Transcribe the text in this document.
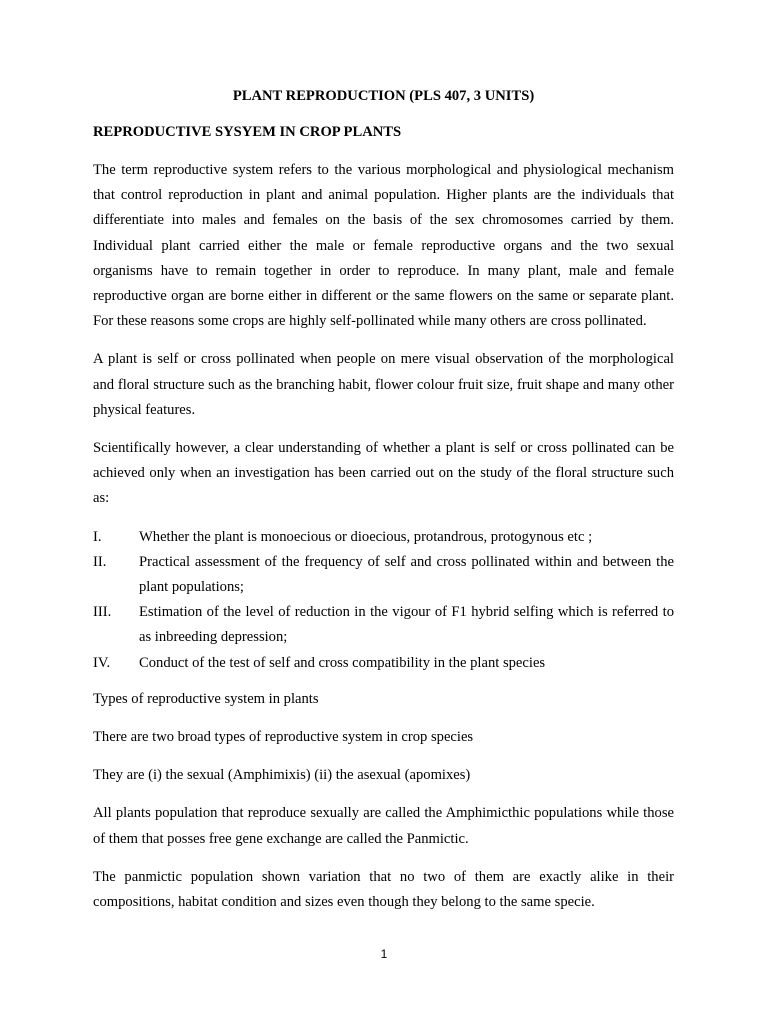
PLANT REPRODUCTION (PLS 407, 3 UNITS)
REPRODUCTIVE SYSYEM IN CROP PLANTS

The term reproductive system refers to the various morphological and physiological mechanism that control reproduction in plant and animal population. Higher plants are the individuals that differentiate into males and females on the basis of the sex chromosomes carried by them. Individual plant carried either the male or female reproductive organs and the two sexual organisms have to remain together in order to reproduce. In many plant, male and female reproductive organ are borne either in different or the same flowers on the same or separate plant. For these reasons some crops are highly self-pollinated while many others are cross pollinated.

A plant is self or cross pollinated when people on mere visual observation of the morphological and floral structure such as the branching habit, flower colour fruit size, fruit shape and many other physical features.

Scientifically however, a clear understanding of whether a plant is self or cross pollinated can be achieved only when an investigation has been carried out on the study of the floral structure such as:

I.	Whether the plant is monoecious or dioecious, protandrous, protogynous etc ;
II.	Practical assessment of the frequency of self and cross pollinated within and between the plant populations;
III.	Estimation of the level of reduction in the vigour of F1 hybrid selfing which is referred to as inbreeding depression;
IV.	Conduct of the test of self and cross compatibility in the plant species

Types of reproductive system in plants

There are two broad types of reproductive system in crop species

They are (i) the sexual (Amphimixis) (ii) the asexual (apomixes)

All plants population that reproduce sexually are called the Amphimicthic populations while those of them that posses free gene exchange are called the Panmictic.

The panmictic population shown variation that no two of them are exactly alike in their compositions, habitat condition and sizes even though they belong to the same specie.

1
